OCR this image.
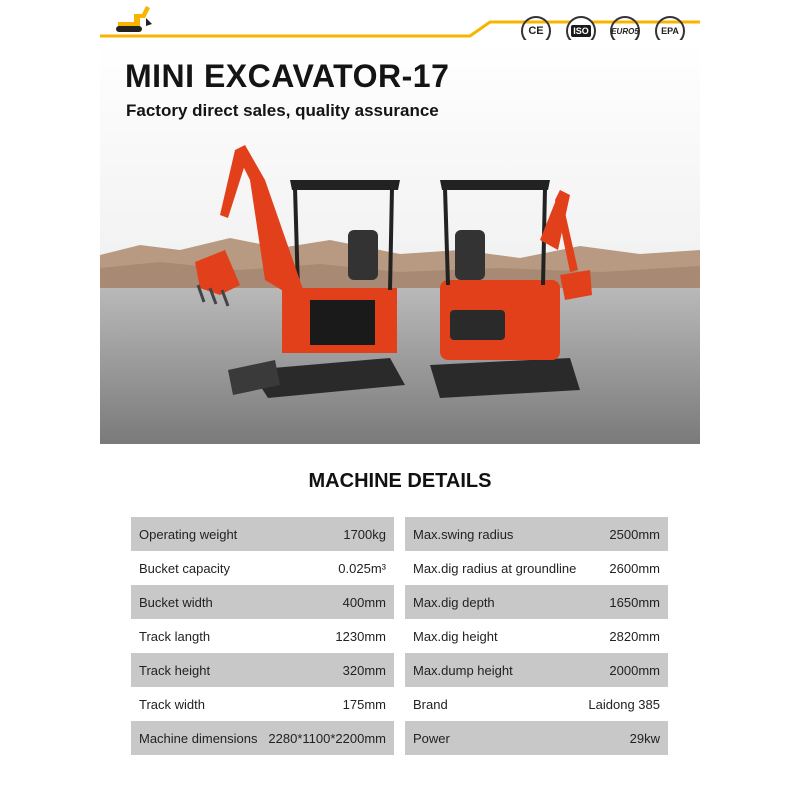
CE	ISO	EURO5 EPA
MINI EXCAVATOR-17
Factory direct sales, quality assurance
MACHINE DETAILS
Operating weight	1700kg
Bucket capacity	0.025m³
Bucket width	400mm
Track langth	1230mm
Track height	320mm
Track width	175mm
Machine dimensions 2280*1100*2200mm
Max.swing radius	2500mm
Max.dig radius at groundline	2600mm
Max.dig depth	1650mm
Max.dig height	2820mm
Max.dump height	2000mm
Brand	Laidong 385
Power	29kw
